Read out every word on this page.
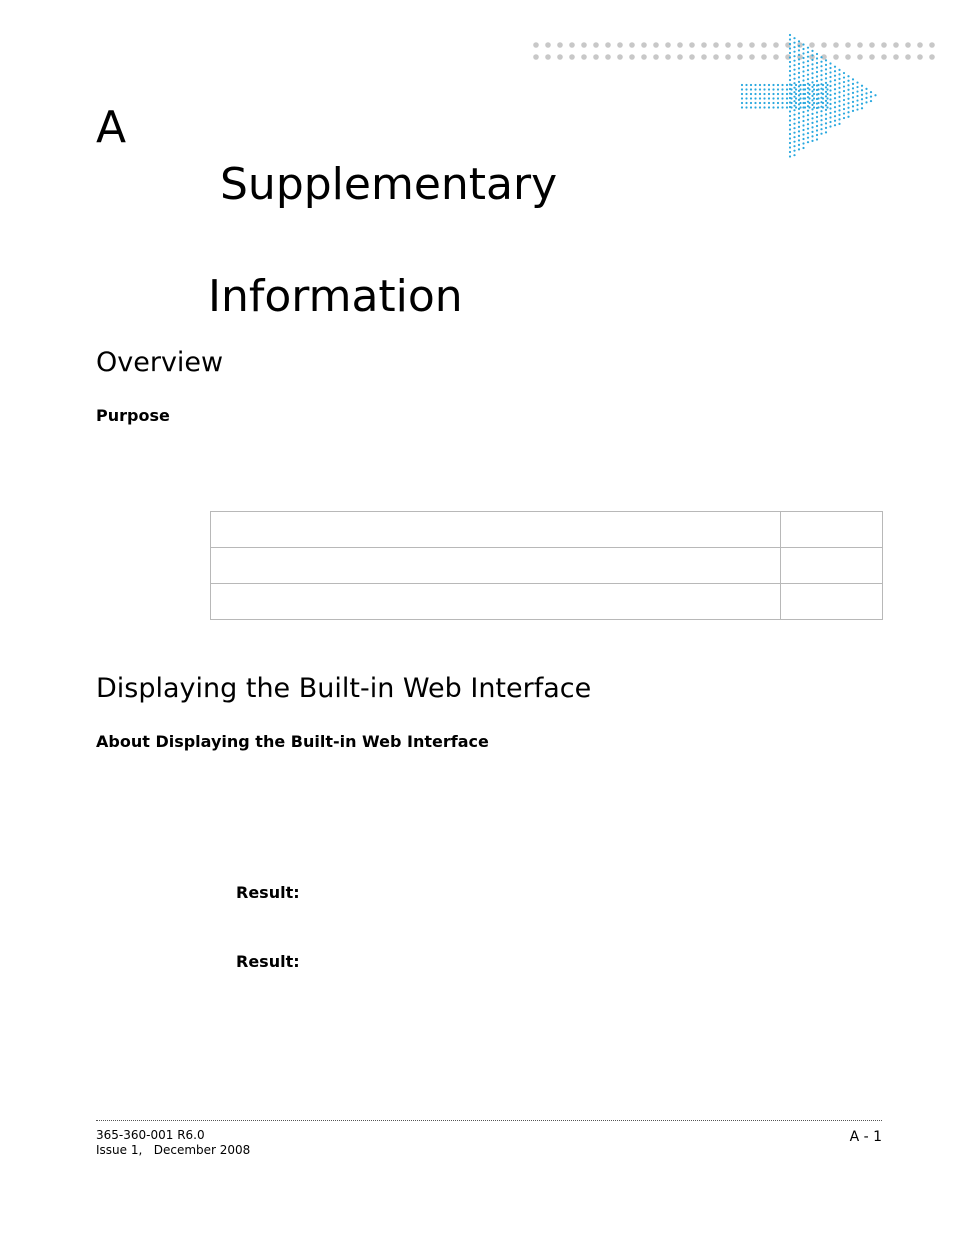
A

Supplementary

Information

Overview
Purpose

Displaying the Built-in Web Interface
About Displaying the Built-in Web Interface

Result:

Result:

365-360-001 R6.0
Issue 1,   December 2008
A - 1
